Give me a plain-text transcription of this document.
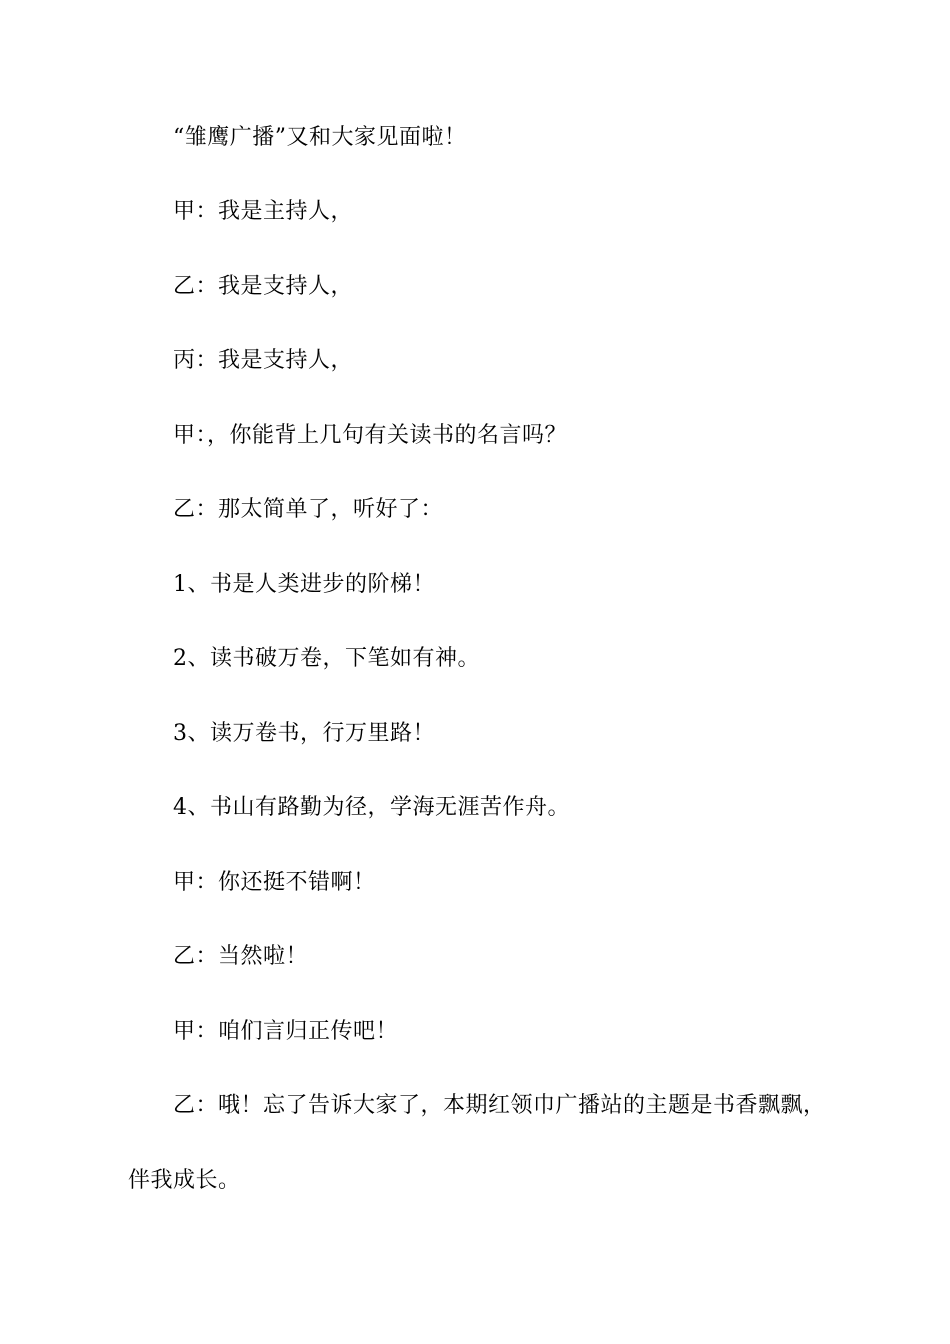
“雏鹰广播”又和大家见面啦！
甲：我是主持人，
乙：我是支持人，
丙：我是支持人，
甲：，你能背上几句有关读书的名言吗？
乙：那太简单了，听好了：
1、书是人类进步的阶梯！
2、读书破万卷，下笔如有神。
3、读万卷书，行万里路！
4、书山有路勤为径，学海无涯苦作舟。
甲：你还挺不错啊！
乙：当然啦！
甲：咱们言归正传吧！
乙：哦！忘了告诉大家了，本期红领巾广播站的主题是书香飘飘，
伴我成长。
